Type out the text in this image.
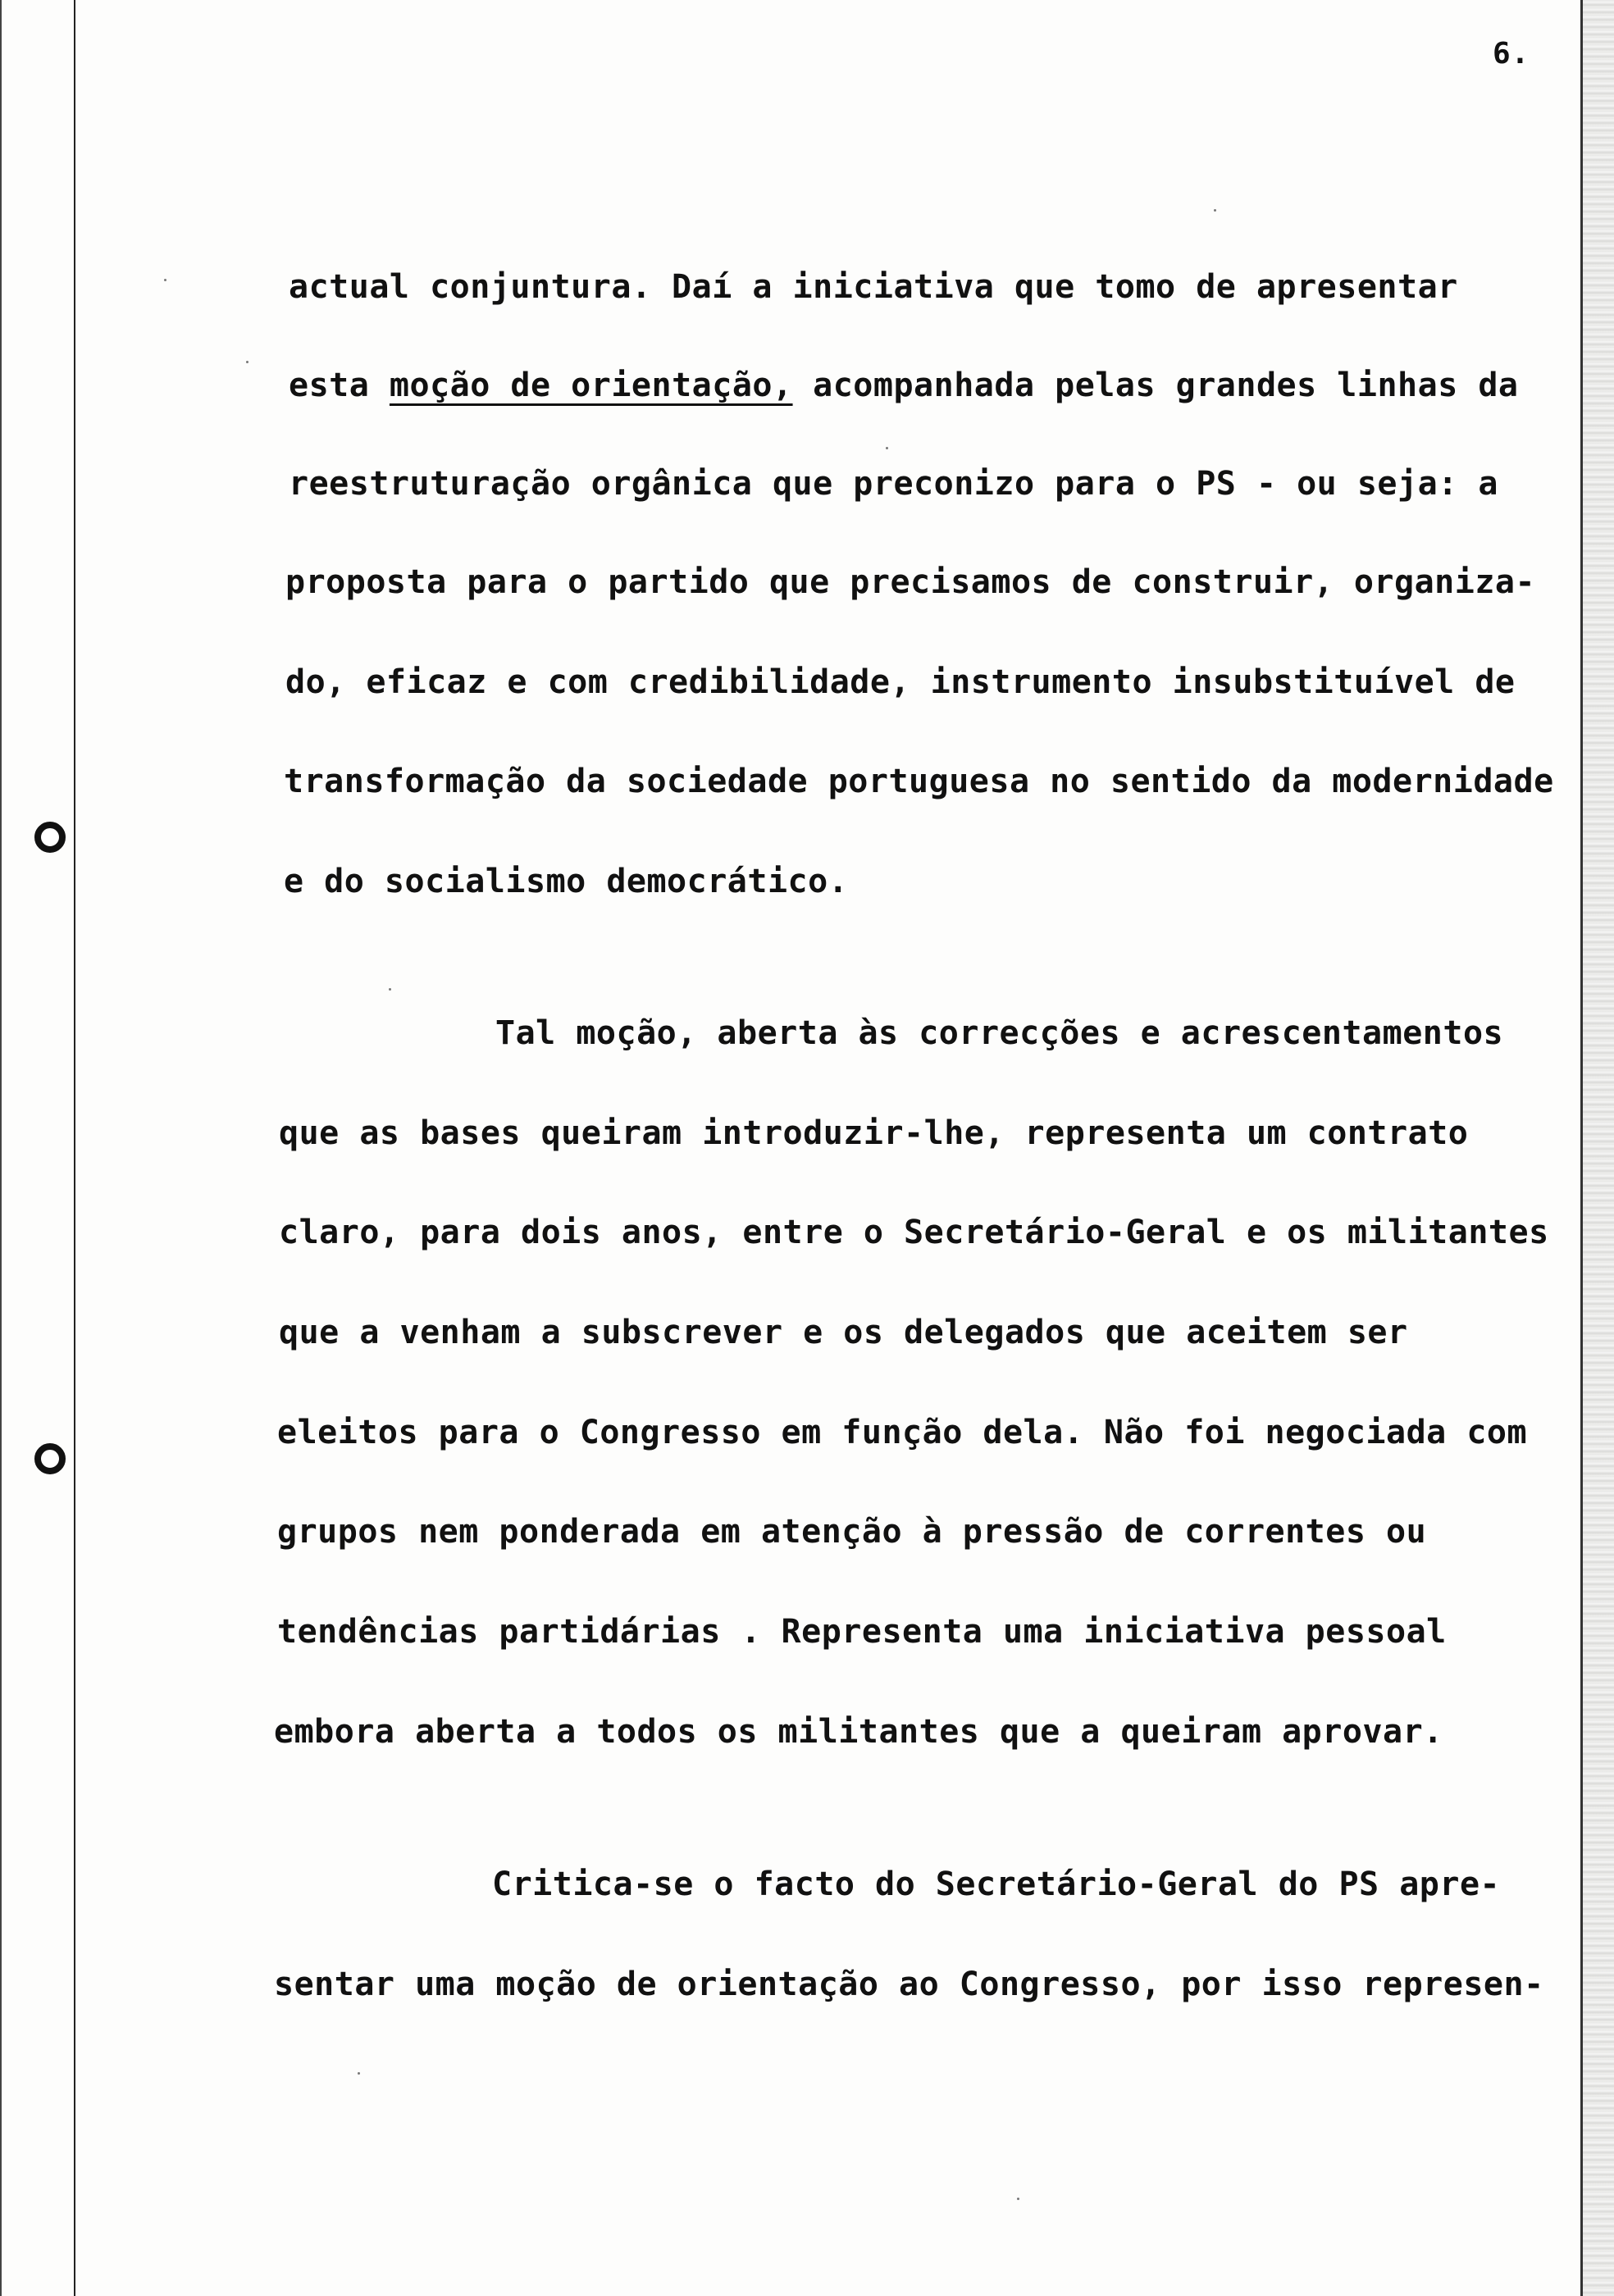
6.
actual conjuntura. Daí a iniciativa que tomo de apresentar
esta moção de orientação, acompanhada pelas grandes linhas da
reestruturação orgânica que preconizo para o PS - ou seja: a
proposta para o partido que precisamos de construir, organiza-
do, eficaz e com credibilidade, instrumento insubstituível de
transformação da sociedade portuguesa no sentido da modernidade
e do socialismo democrático.
Tal moção, aberta às correcções e acrescentamentos
que as bases queiram introduzir-lhe, representa um contrato
claro, para dois anos, entre o Secretário-Geral e os militantes
que a venham a subscrever e os delegados que aceitem ser
eleitos para o Congresso em função dela. Não foi negociada com
grupos nem ponderada em atenção à pressão de correntes ou
tendências partidárias . Representa uma iniciativa pessoal
embora aberta a todos os militantes que a queiram aprovar.
Critica-se o facto do Secretário-Geral do PS apre-
sentar uma moção de orientação ao Congresso, por isso represen-
